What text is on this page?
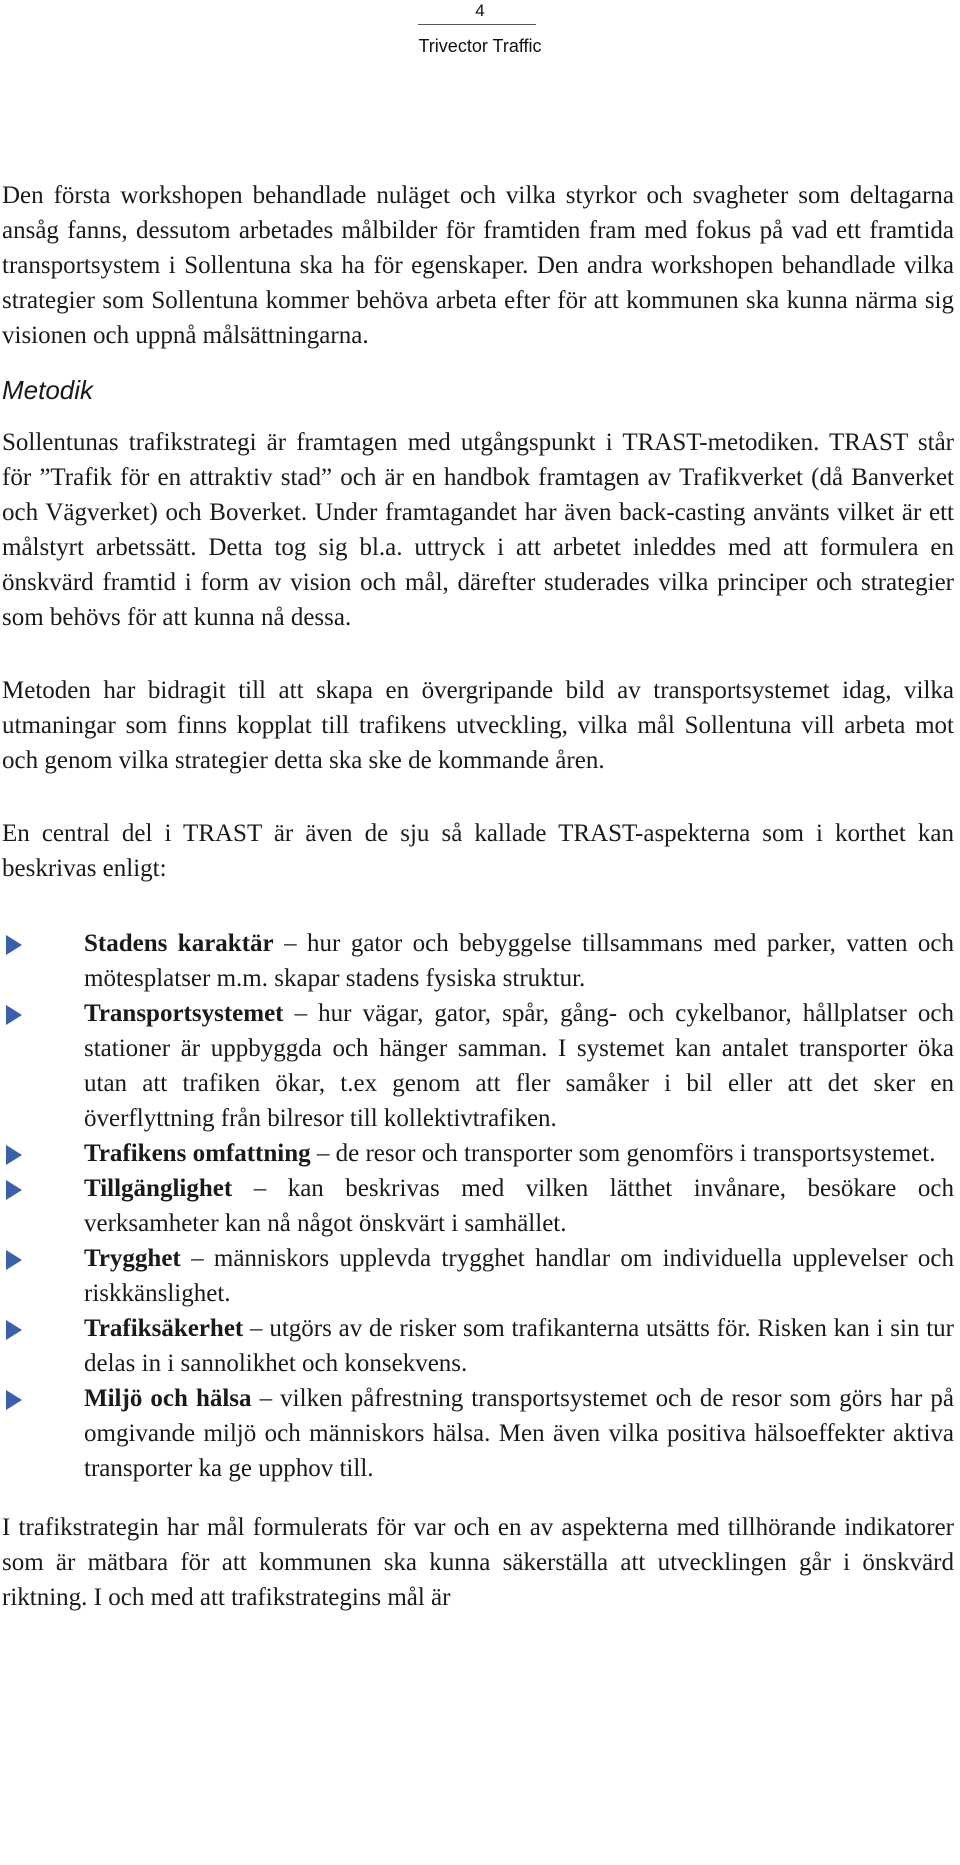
4
Trivector Traffic

Den första workshopen behandlade nuläget och vilka styrkor och svagheter som deltagarna ansåg fanns, dessutom arbetades målbilder för framtiden fram med fokus på vad ett framtida transportsystem i Sollentuna ska ha för egenskaper. Den andra workshopen behandlade vilka strategier som Sollentuna kommer behöva arbeta efter för att kommunen ska kunna närma sig visionen och uppnå målsättningarna.

Metodik

Sollentunas trafikstrategi är framtagen med utgångspunkt i TRAST-metodiken. TRAST står för ”Trafik för en attraktiv stad” och är en handbok framtagen av Trafikverket (då Banverket och Vägverket) och Boverket. Under framtagandet har även back-casting använts vilket är ett målstyrt arbetssätt. Detta tog sig bl.a. uttryck i att arbetet inleddes med att formulera en önskvärd framtid i form av vision och mål, därefter studerades vilka principer och strategier som behövs för att kunna nå dessa.

Metoden har bidragit till att skapa en övergripande bild av transportsystemet idag, vilka utmaningar som finns kopplat till trafikens utveckling, vilka mål Sollentuna vill arbeta mot och genom vilka strategier detta ska ske de kommande åren.

En central del i TRAST är även de sju så kallade TRAST-aspekterna som i korthet kan beskrivas enligt:

Stadens karaktär – hur gator och bebyggelse tillsammans med parker, vatten och mötesplatser m.m. skapar stadens fysiska struktur.
Transportsystemet – hur vägar, gator, spår, gång- och cykelbanor, hållplatser och stationer är uppbyggda och hänger samman. I systemet kan antalet transporter öka utan att trafiken ökar, t.ex genom att fler samåker i bil eller att det sker en överflyttning från bilresor till kollektivtrafiken.
Trafikens omfattning – de resor och transporter som genomförs i transportsystemet.
Tillgänglighet – kan beskrivas med vilken lätthet invånare, besökare och verksamheter kan nå något önskvärt i samhället.
Trygghet – människors upplevda trygghet handlar om individuella upplevelser och riskkänslighet.
Trafiksäkerhet – utgörs av de risker som trafikanterna utsätts för. Risken kan i sin tur delas in i sannolikhet och konsekvens.
Miljö och hälsa – vilken påfrestning transportsystemet och de resor som görs har på omgivande miljö och människors hälsa. Men även vilka positiva hälsoeffekter aktiva transporter ka ge upphov till.

I trafikstrategin har mål formulerats för var och en av aspekterna med tillhörande indikatorer som är mätbara för att kommunen ska kunna säkerställa att utvecklingen går i önskvärd riktning. I och med att trafikstrategins mål är
